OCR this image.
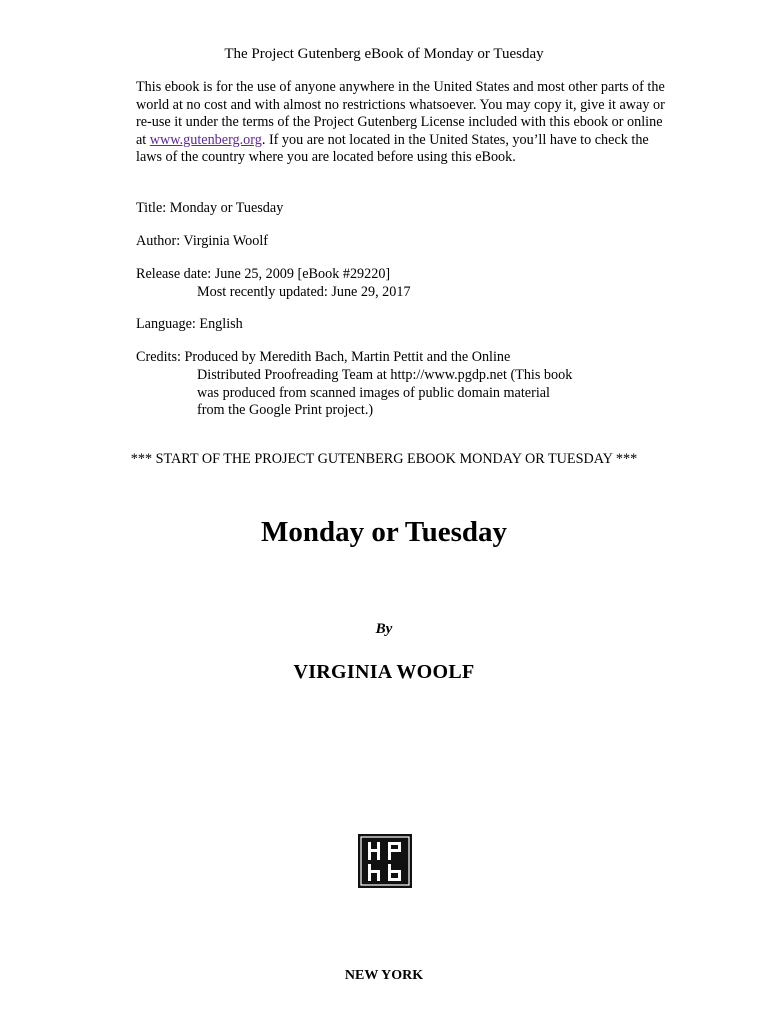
The Project Gutenberg eBook of Monday or Tuesday
This ebook is for the use of anyone anywhere in the United States and most other parts of the world at no cost and with almost no restrictions whatsoever. You may copy it, give it away or re-use it under the terms of the Project Gutenberg License included with this ebook or online at www.gutenberg.org. If you are not located in the United States, you’ll have to check the laws of the country where you are located before using this eBook.
Title: Monday or Tuesday
Author: Virginia Woolf
Release date: June 25, 2009 [eBook #29220]
Most recently updated: June 29, 2017
Language: English
Credits: Produced by Meredith Bach, Martin Pettit and the Online
Distributed Proofreading Team at http://www.pgdp.net (This book was produced from scanned images of public domain material from the Google Print project.)
*** START OF THE PROJECT GUTENBERG EBOOK MONDAY OR TUESDAY ***
Monday or Tuesday
By
VIRGINIA WOOLF
NEW YORK
